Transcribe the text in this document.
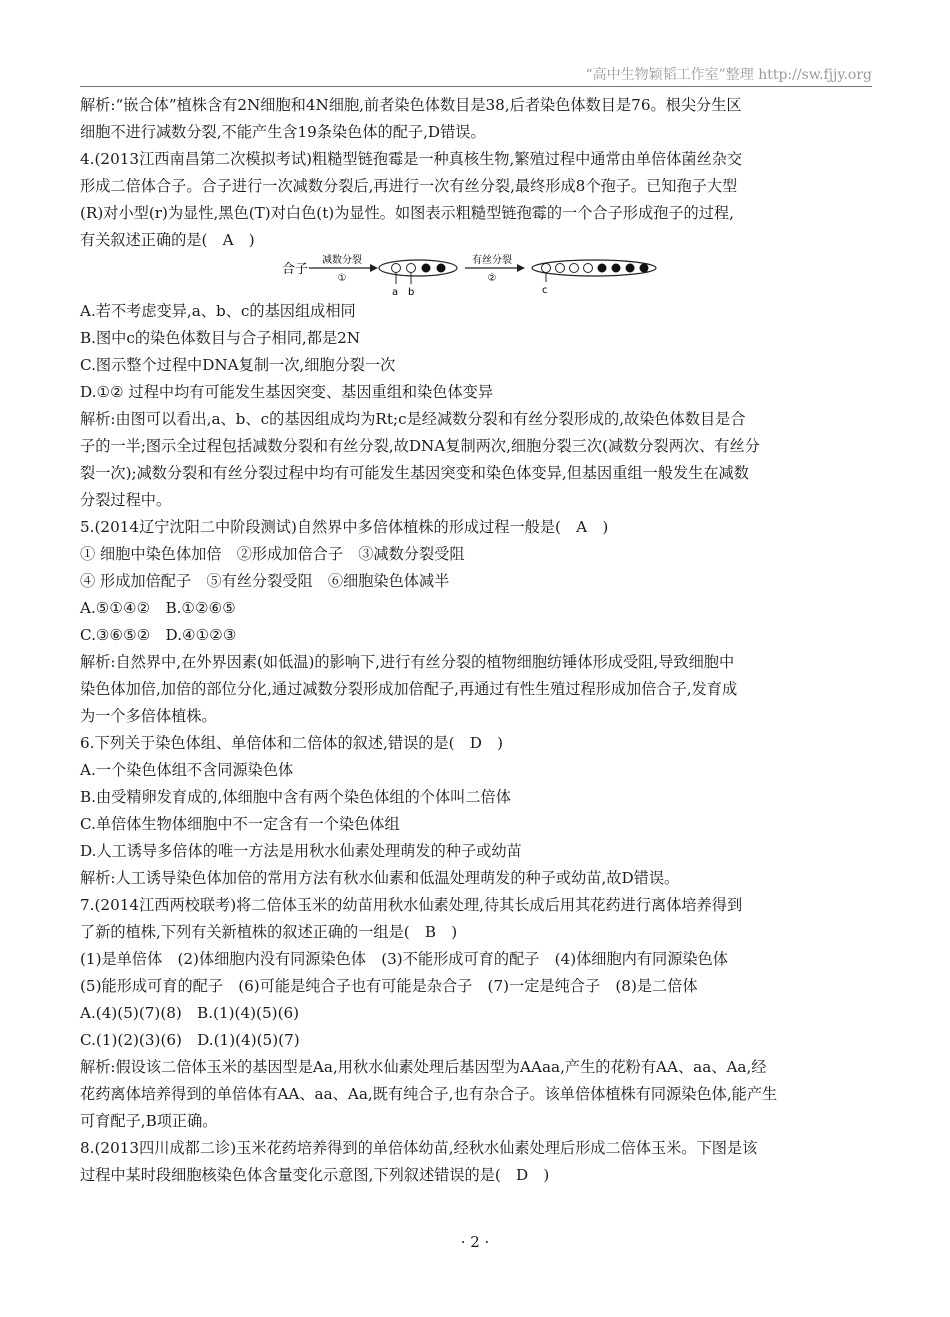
“高中生物颖韬工作室”整理 http://sw.fjjy.org
解析:“嵌合体”植株含有2N细胞和4N细胞,前者染色体数目是38,后者染色体数目是76。根尖分生区
细胞不进行减数分裂,不能产生含19条染色体的配子,D错误。
4.(2013江西南昌第二次模拟考试)粗糙型链孢霉是一种真核生物,繁殖过程中通常由单倍体菌丝杂交
形成二倍体合子。合子进行一次减数分裂后,再进行一次有丝分裂,最终形成8个孢子。已知孢子大型
(R)对小型(r)为显性,黑色(T)对白色(t)为显性。如图表示粗糙型链孢霉的一个合子形成孢子的过程,
有关叙述正确的是(　A　)
合子
减数分裂
①
a b
有丝分裂
②
c
A.若不考虑变异,a、b、c的基因组成相同
B.图中c的染色体数目与合子相同,都是2N
C.图示整个过程中DNA复制一次,细胞分裂一次
D.①② 过程中均有可能发生基因突变、基因重组和染色体变异
解析:由图可以看出,a、b、c的基因组成均为Rt;c是经减数分裂和有丝分裂形成的,故染色体数目是合
子的一半;图示全过程包括减数分裂和有丝分裂,故DNA复制两次,细胞分裂三次(减数分裂两次、有丝分
裂一次);减数分裂和有丝分裂过程中均有可能发生基因突变和染色体变异,但基因重组一般发生在减数
分裂过程中。
5.(2014辽宁沈阳二中阶段测试)自然界中多倍体植株的形成过程一般是(　A　)
① 细胞中染色体加倍　②形成加倍合子　③减数分裂受阻
④ 形成加倍配子　⑤有丝分裂受阻　⑥细胞染色体减半
A.⑤①④②　B.①②⑥⑤
C.③⑥⑤②　D.④①②③
解析:自然界中,在外界因素(如低温)的影响下,进行有丝分裂的植物细胞纺锤体形成受阻,导致细胞中
染色体加倍,加倍的部位分化,通过减数分裂形成加倍配子,再通过有性生殖过程形成加倍合子,发育成
为一个多倍体植株。
6.下列关于染色体组、单倍体和二倍体的叙述,错误的是(　D　)
A.一个染色体组不含同源染色体
B.由受精卵发育成的,体细胞中含有两个染色体组的个体叫二倍体
C.单倍体生物体细胞中不一定含有一个染色体组
D.人工诱导多倍体的唯一方法是用秋水仙素处理萌发的种子或幼苗
解析:人工诱导染色体加倍的常用方法有秋水仙素和低温处理萌发的种子或幼苗,故D错误。
7.(2014江西两校联考)将二倍体玉米的幼苗用秋水仙素处理,待其长成后用其花药进行离体培养得到
了新的植株,下列有关新植株的叙述正确的一组是(　B　)
(1)是单倍体　(2)体细胞内没有同源染色体　(3)不能形成可育的配子　(4)体细胞内有同源染色体
(5)能形成可育的配子　(6)可能是纯合子也有可能是杂合子　(7)一定是纯合子　(8)是二倍体
A.(4)(5)(7)(8)　B.(1)(4)(5)(6)
C.(1)(2)(3)(6)　D.(1)(4)(5)(7)
解析:假设该二倍体玉米的基因型是Aa,用秋水仙素处理后基因型为AAaa,产生的花粉有AA、aa、Aa,经
花药离体培养得到的单倍体有AA、aa、Aa,既有纯合子,也有杂合子。该单倍体植株有同源染色体,能产生
可育配子,B项正确。
8.(2013四川成都二诊)玉米花药培养得到的单倍体幼苗,经秋水仙素处理后形成二倍体玉米。下图是该
过程中某时段细胞核染色体含量变化示意图,下列叙述错误的是(　D　)
· 2 ·
